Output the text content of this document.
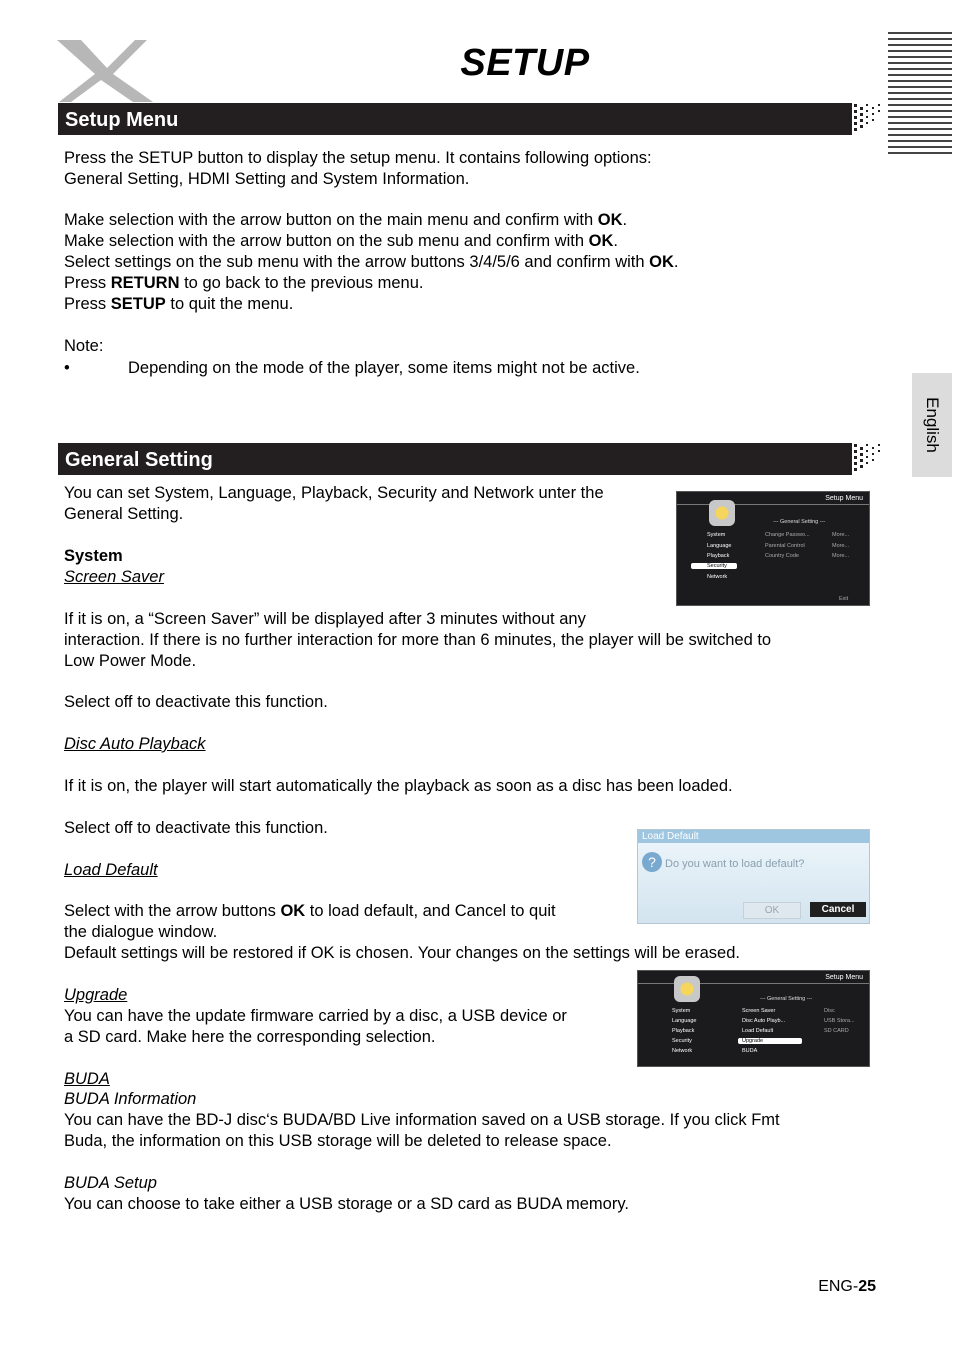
SETUP
English
Setup Menu
Press the SETUP button to display the setup menu. It contains following options:
General Setting, HDMI Setting and System Information.
Make selection with the arrow button on the main menu and confirm with OK.
Make selection with the arrow button on the sub menu and confirm with OK.
Select settings on the sub menu with the arrow buttons 3/4/5/6 and confirm with OK.
Press RETURN to go back to the previous menu.
Press SETUP to quit the menu.
Note:
•	Depending on the mode of the player, some items might not be active.
General Setting
You can set System, Language, Playback, Security and Network unter the
General Setting.
System
Screen Saver
If it is on, a “Screen Saver” will be displayed after 3 minutes without any
interaction. If there is no further interaction for more than 6 minutes, the player will be switched to
Low Power Mode.
Select off to deactivate this function.
Disc Auto Playback
If it is on, the player will start automatically the playback as soon as a disc has been loaded.
Select off to deactivate this function.
Load Default
Select with the arrow buttons OK to load default, and Cancel to quit
the dialogue window.
Default settings will be restored if OK is chosen. Your changes on the settings will be erased.
Upgrade
You can have the update firmware carried by a disc, a USB device or
a SD card. Make here the corresponding selection.
BUDA
BUDA Information
You can have the BD-J disc‘s BUDA/BD Live information saved on a USB storage. If you click Fmt
Buda, the information on this USB storage will be deleted to release space.
BUDA Setup
You can choose to take either a USB storage or a SD card as BUDA memory.
Setup Menu
--- General Setting ---
System
Language
Playback
Security
Network
Change Passwo...
Parental Control
Country Code
More...
More...
More...
Exit
Load Default
? Do you want to load default?
OK	Cancel
Setup Menu
--- General Setting ---
System
Language
Playback
Security
Network
Screen Saver
Disc Auto Playb...
Load Default
Upgrade
BUDA
Disc
USB Stora...
SD CARD
ENG-25
